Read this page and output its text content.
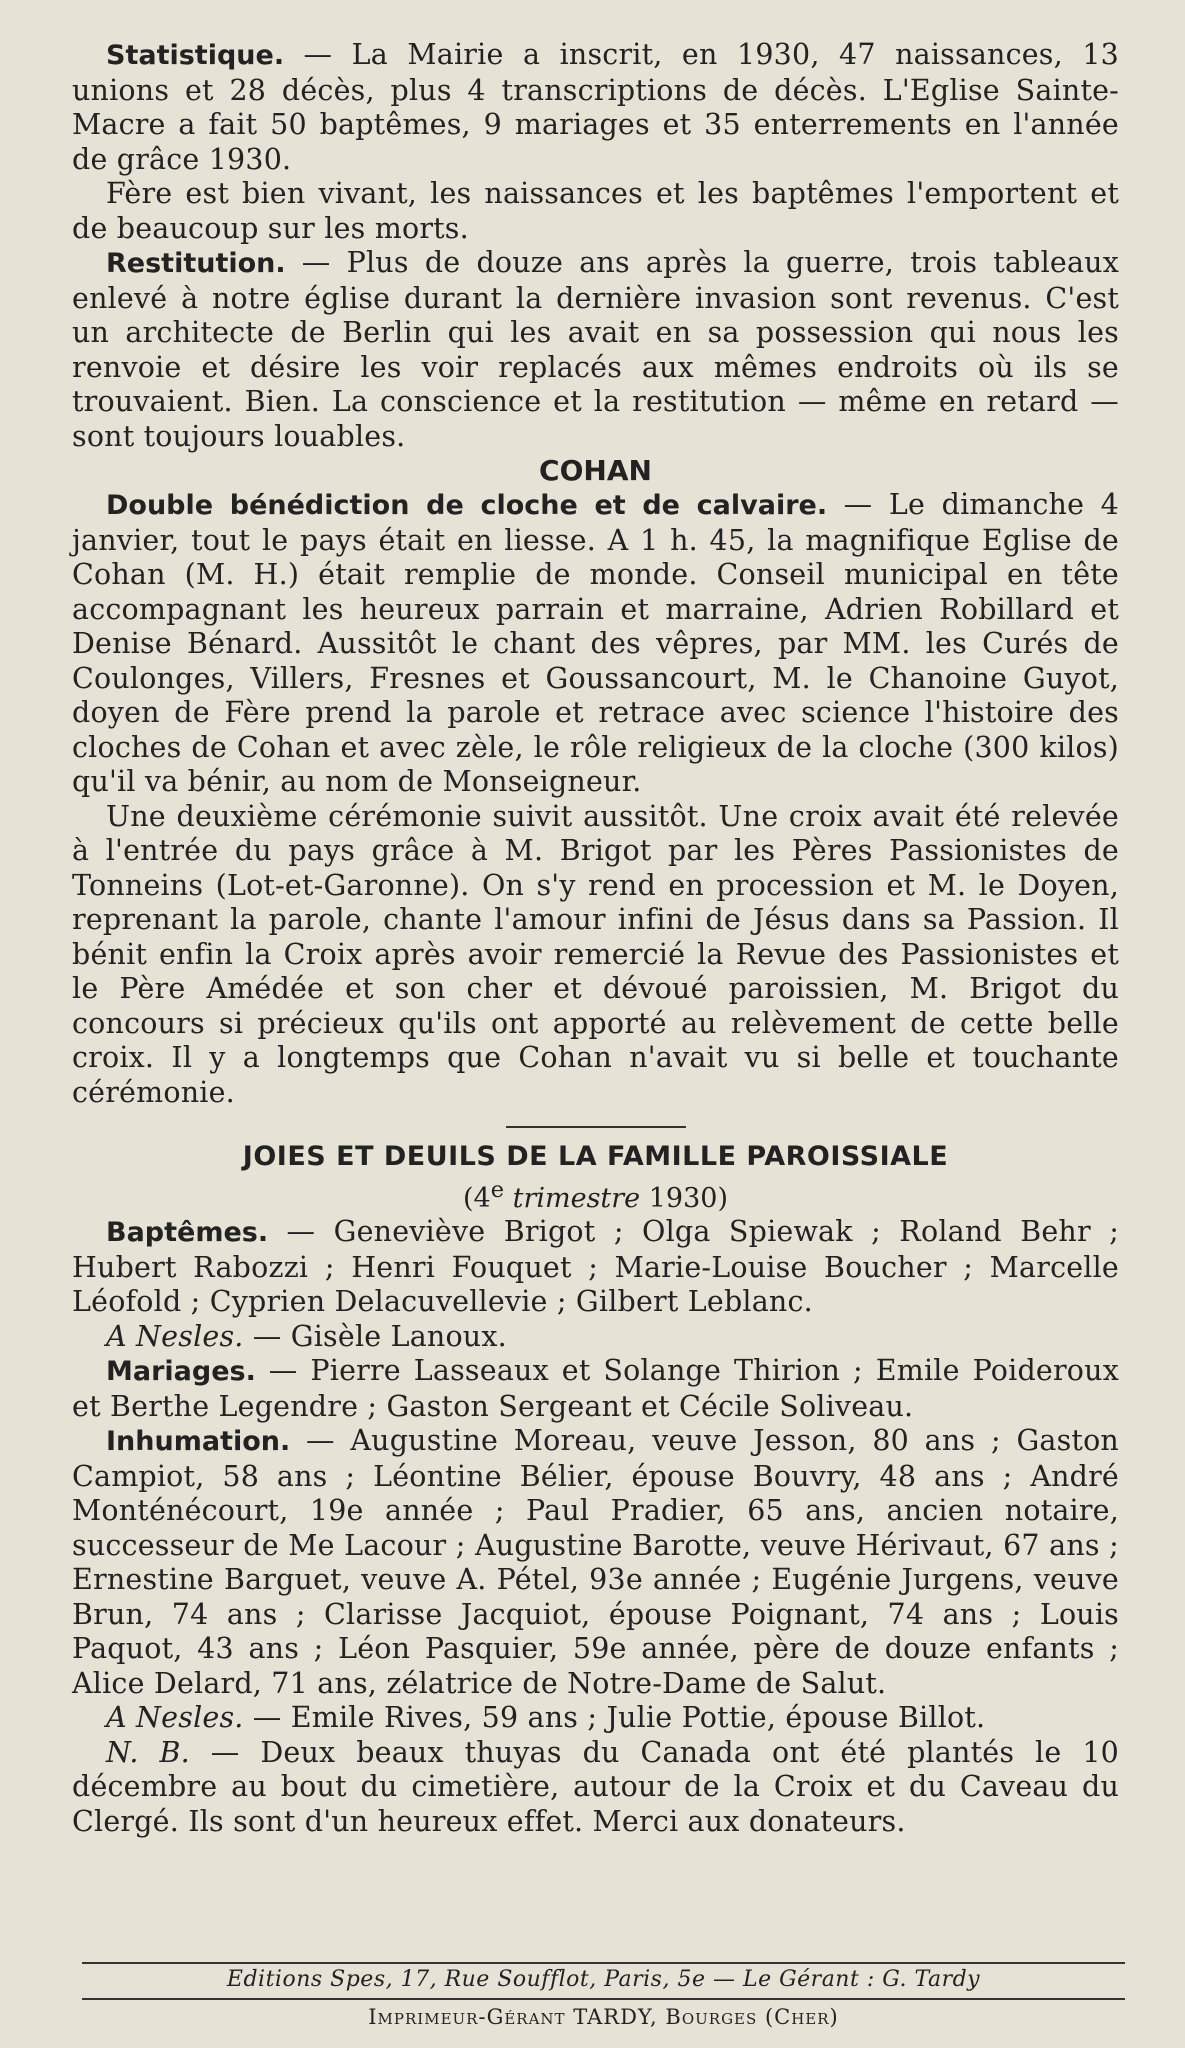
Statistique. — La Mairie a inscrit, en 1930, 47 naissances, 13 unions et 28 décès, plus 4 transcriptions de décès. L'Eglise Sainte-Macre a fait 50 baptêmes, 9 mariages et 35 enterrements en l'année de grâce 1930.

Fère est bien vivant, les naissances et les baptêmes l'emportent et de beaucoup sur les morts.

Restitution. — Plus de douze ans après la guerre, trois tableaux enlevé à notre église durant la dernière invasion sont revenus. C'est un architecte de Berlin qui les avait en sa possession qui nous les renvoie et désire les voir replacés aux mêmes endroits où ils se trouvaient. Bien. La conscience et la restitution — même en retard — sont toujours louables.

COHAN

Double bénédiction de cloche et de calvaire. — Le dimanche 4 janvier, tout le pays était en liesse. A 1 h. 45, la magnifique Eglise de Cohan (M. H.) était remplie de monde. Conseil municipal en tête accompagnant les heureux parrain et marraine, Adrien Robillard et Denise Bénard. Aussitôt le chant des vêpres, par MM. les Curés de Coulonges, Villers, Fresnes et Goussancourt, M. le Chanoine Guyot, doyen de Fère prend la parole et retrace avec science l'histoire des cloches de Cohan et avec zèle, le rôle religieux de la cloche (300 kilos) qu'il va bénir, au nom de Monseigneur.

Une deuxième cérémonie suivit aussitôt. Une croix avait été relevée à l'entrée du pays grâce à M. Brigot par les Pères Passionistes de Tonneins (Lot-et-Garonne). On s'y rend en procession et M. le Doyen, reprenant la parole, chante l'amour infini de Jésus dans sa Passion. Il bénit enfin la Croix après avoir remercié la Revue des Passionistes et le Père Amédée et son cher et dévoué paroissien, M. Brigot du concours si précieux qu'ils ont apporté au relèvement de cette belle croix. Il y a longtemps que Cohan n'avait vu si belle et touchante cérémonie.

JOIES ET DEUILS DE LA FAMILLE PAROISSIALE
(4e trimestre 1930)

Baptêmes. — Geneviève Brigot ; Olga Spiewak ; Roland Behr ; Hubert Rabozzi ; Henri Fouquet ; Marie-Louise Boucher ; Marcelle Léofold ; Cyprien Delacuvellevie ; Gilbert Leblanc.

A Nesles. — Gisèle Lanoux.

Mariages. — Pierre Lasseaux et Solange Thirion ; Emile Poideroux et Berthe Legendre ; Gaston Sergeant et Cécile Soliveau.

Inhumation. — Augustine Moreau, veuve Jesson, 80 ans ; Gaston Campiot, 58 ans ; Léontine Bélier, épouse Bouvry, 48 ans ; André Monténécourt, 19e année ; Paul Pradier, 65 ans, ancien notaire, successeur de Me Lacour ; Augustine Barotte, veuve Hérivaut, 67 ans ; Ernestine Barguet, veuve A. Pétel, 93e année ; Eugénie Jurgens, veuve Brun, 74 ans ; Clarisse Jacquiot, épouse Poignant, 74 ans ; Louis Paquot, 43 ans ; Léon Pasquier, 59e année, père de douze enfants ; Alice Delard, 71 ans, zélatrice de Notre-Dame de Salut.

A Nesles. — Emile Rives, 59 ans ; Julie Pottie, épouse Billot.

N. B. — Deux beaux thuyas du Canada ont été plantés le 10 décembre au bout du cimetière, autour de la Croix et du Caveau du Clergé. Ils sont d'un heureux effet. Merci aux donateurs.

Editions Spes, 17, Rue Soufflot, Paris, 5e — Le Gérant : G. Tardy
Imprimeur-Gérant TARDY, Bourges (Cher)
